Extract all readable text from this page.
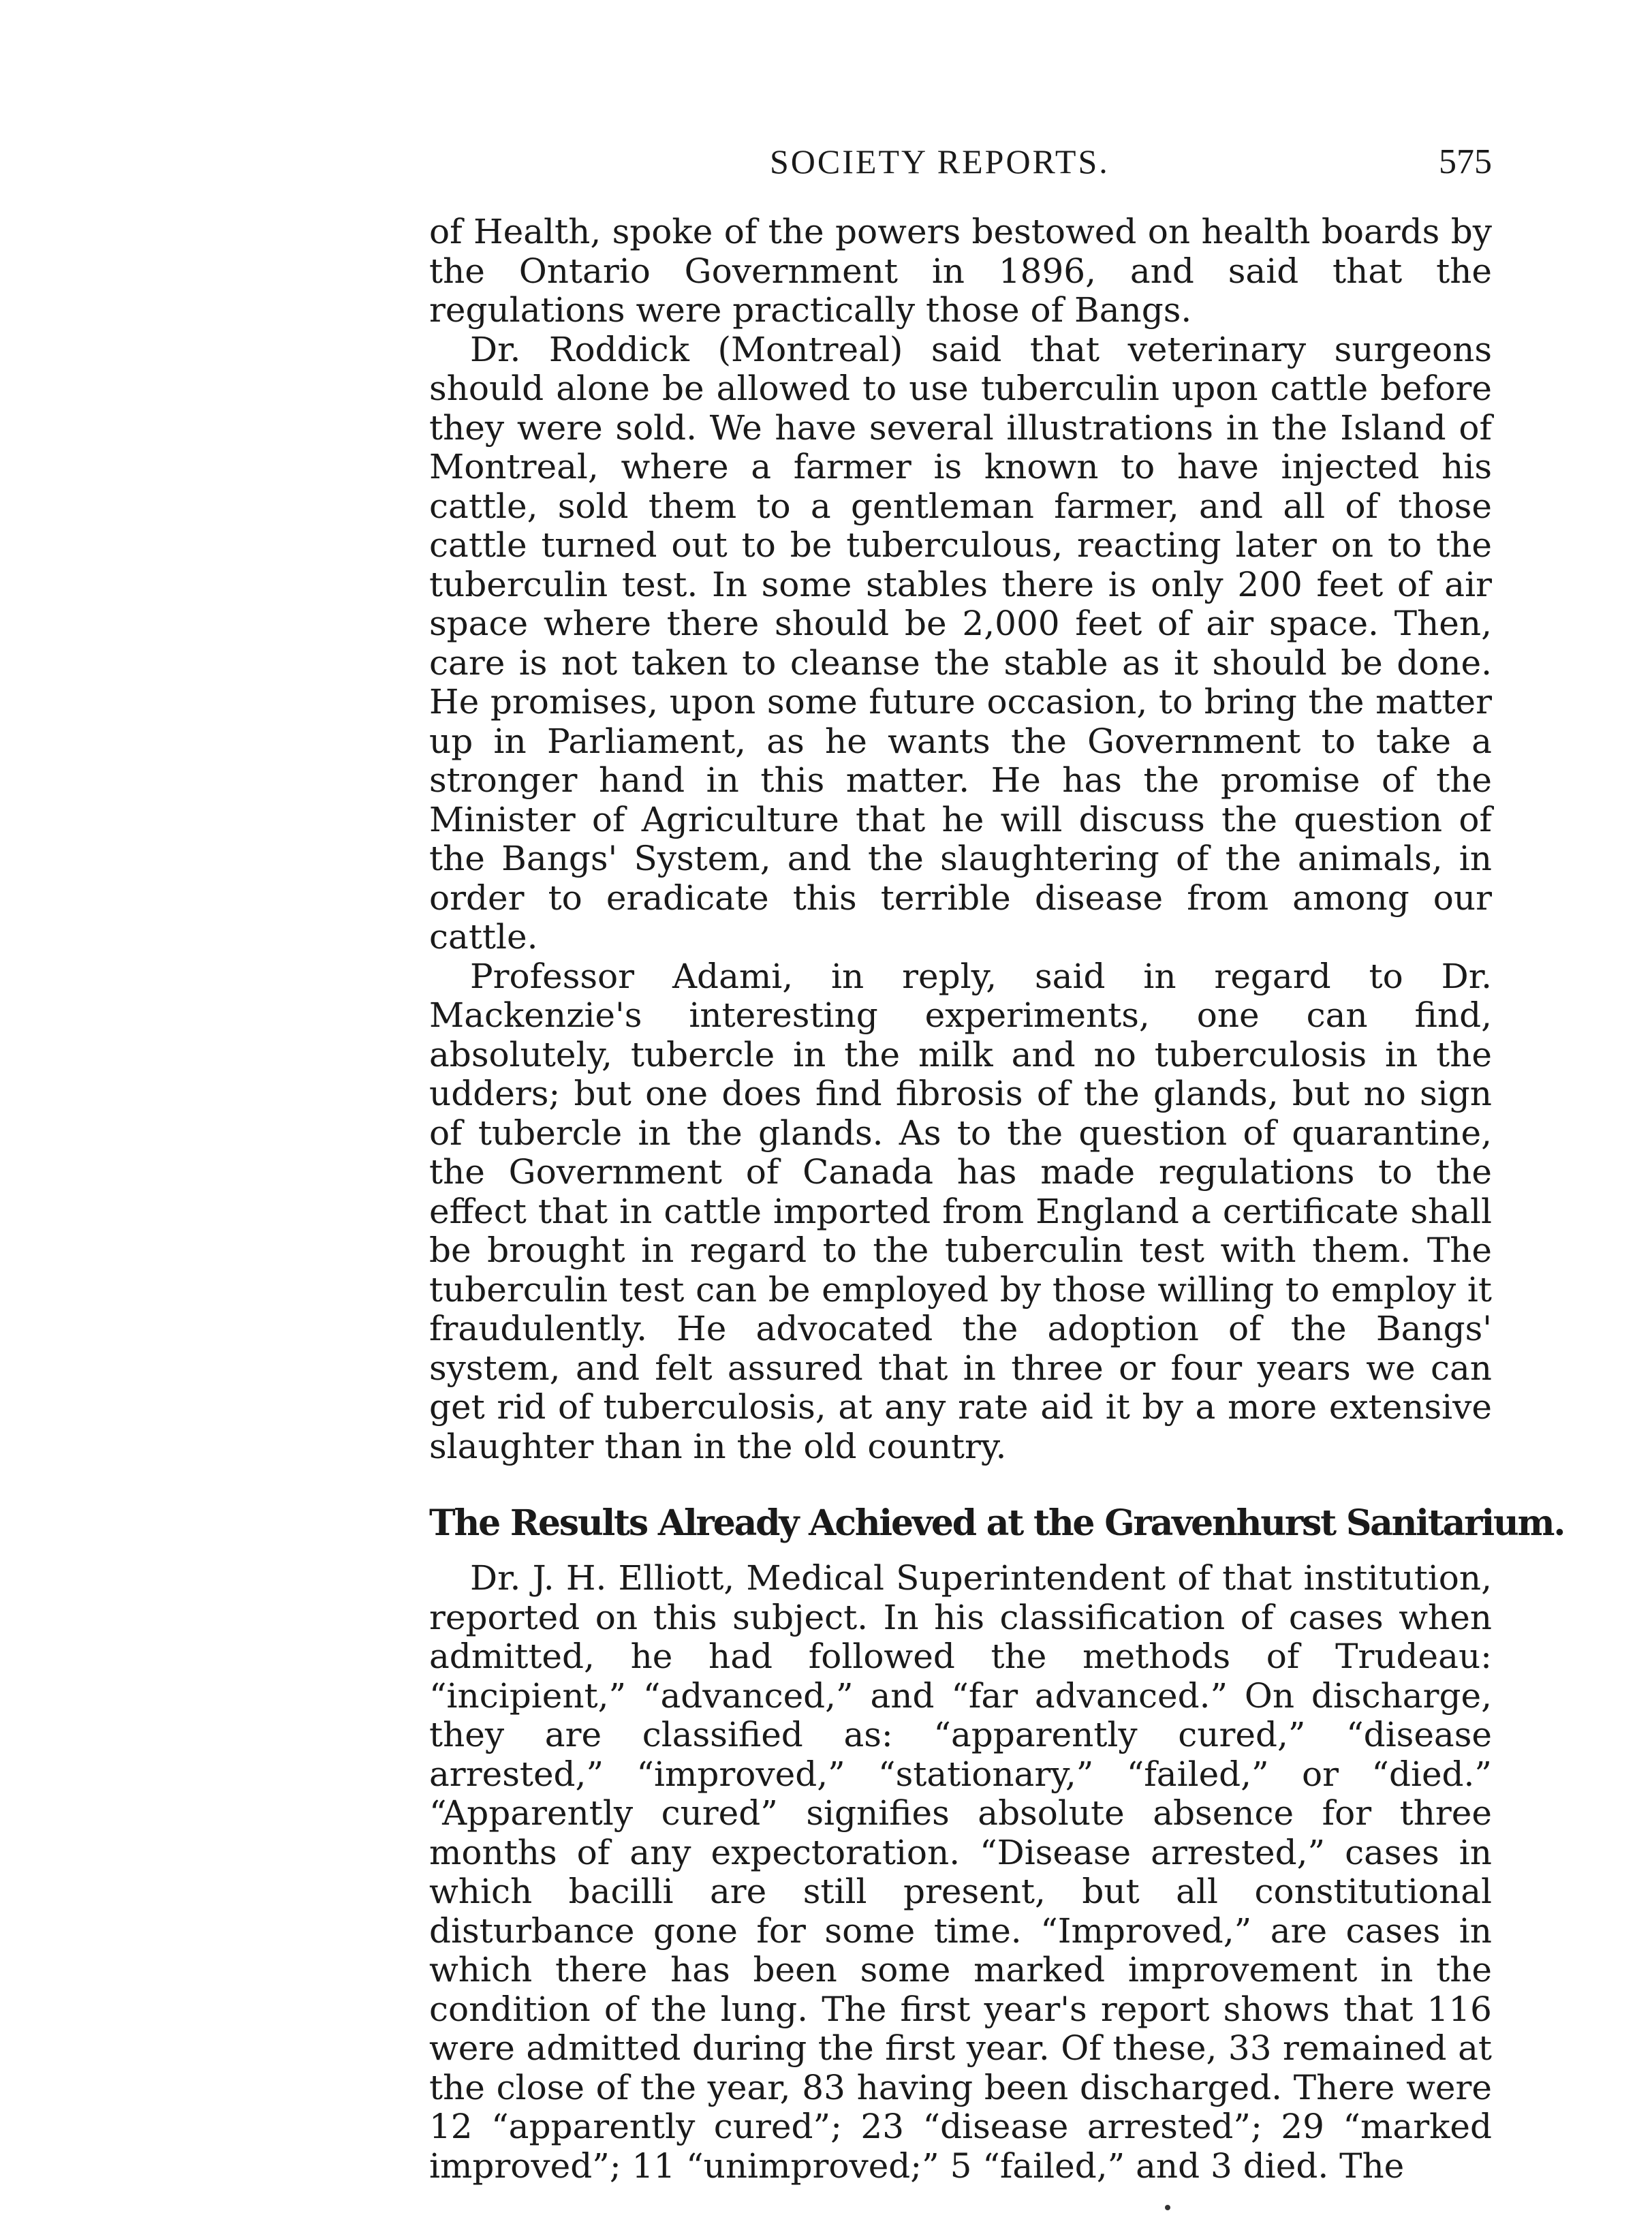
SOCIETY REPORTS.	575

of Health, spoke of the powers bestowed on health boards by the Ontario Government in 1896, and said that the regulations were practically those of Bangs.

Dr. Roddick (Montreal) said that veterinary surgeons should alone be allowed to use tuberculin upon cattle before they were sold. We have several illustrations in the Island of Montreal, where a farmer is known to have injected his cattle, sold them to a gentleman farmer, and all of those cattle turned out to be tuberculous, reacting later on to the tuberculin test. In some stables there is only 200 feet of air space where there should be 2,000 feet of air space. Then, care is not taken to cleanse the stable as it should be done. He promises, upon some future occasion, to bring the matter up in Parliament, as he wants the Government to take a stronger hand in this matter. He has the promise of the Minister of Agriculture that he will discuss the question of the Bangs' System, and the slaughtering of the animals, in order to eradicate this terrible disease from among our cattle.

Professor Adami, in reply, said in regard to Dr. Mackenzie's interesting experiments, one can find, absolutely, tubercle in the milk and no tuberculosis in the udders; but one does find fibrosis of the glands, but no sign of tubercle in the glands. As to the question of quarantine, the Government of Canada has made regulations to the effect that in cattle imported from England a certificate shall be brought in regard to the tuberculin test with them. The tuberculin test can be employed by those willing to employ it fraudulently. He advocated the adoption of the Bangs' system, and felt assured that in three or four years we can get rid of tuberculosis, at any rate aid it by a more extensive slaughter than in the old country.

The Results Already Achieved at the Gravenhurst Sanitarium.

Dr. J. H. Elliott, Medical Superintendent of that institution, reported on this subject. In his classification of cases when admitted, he had followed the methods of Trudeau: “incipient,” “advanced,” and “far advanced.” On discharge, they are classified as: “apparently cured,” “disease arrested,” “improved,” “stationary,” “failed,” or “died.” “Apparently cured” signifies absolute absence for three months of any expectoration. “Disease arrested,” cases in which bacilli are still present, but all constitutional disturbance gone for some time. “Improved,” are cases in which there has been some marked improvement in the condition of the lung. The first year's report shows that 116 were admitted during the first year. Of these, 33 remained at the close of the year, 83 having been discharged. There were 12 “apparently cured”; 23 “disease arrested”; 29 “marked improved”; 11 “unimproved;” 5 “failed,” and 3 died. The
